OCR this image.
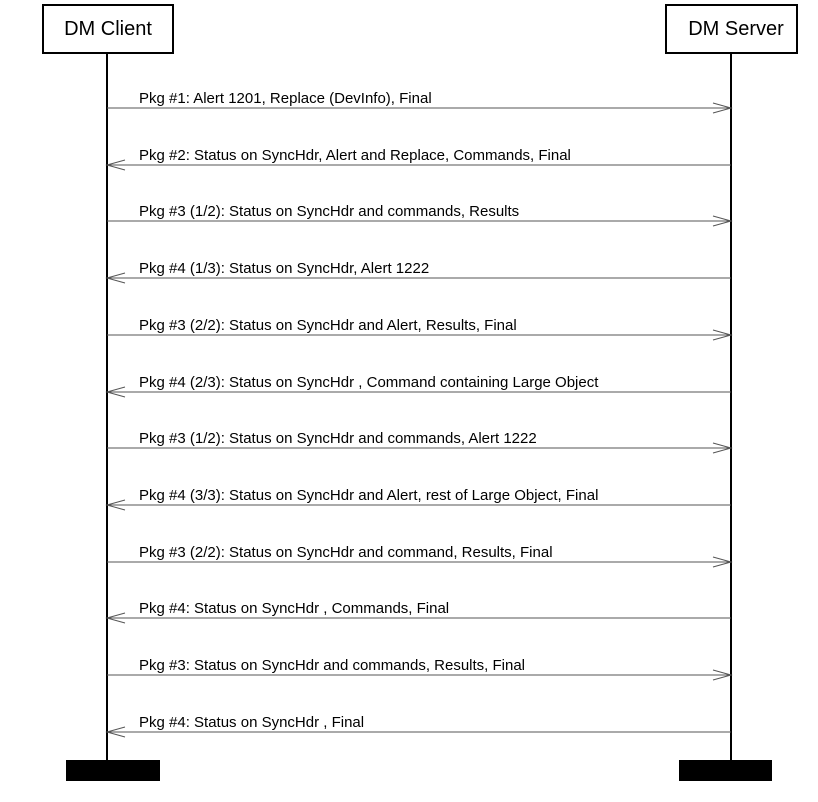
DM Client	DM Server
Pkg #1: Alert 1201, Replace (DevInfo), Final
Pkg #2: Status on SyncHdr, Alert and Replace, Commands, Final
Pkg #3 (1/2): Status on SyncHdr and commands, Results
Pkg #4 (1/3): Status on SyncHdr, Alert 1222
Pkg #3 (2/2): Status on SyncHdr and Alert, Results, Final
Pkg #4 (2/3): Status on SyncHdr , Command containing Large Object
Pkg #3 (1/2): Status on SyncHdr and commands, Alert 1222
Pkg #4 (3/3): Status on SyncHdr and Alert, rest of Large Object, Final
Pkg #3 (2/2): Status on SyncHdr and command, Results, Final
Pkg #4: Status on SyncHdr , Commands, Final
Pkg #3: Status on SyncHdr and commands, Results, Final
Pkg #4: Status on SyncHdr , Final
